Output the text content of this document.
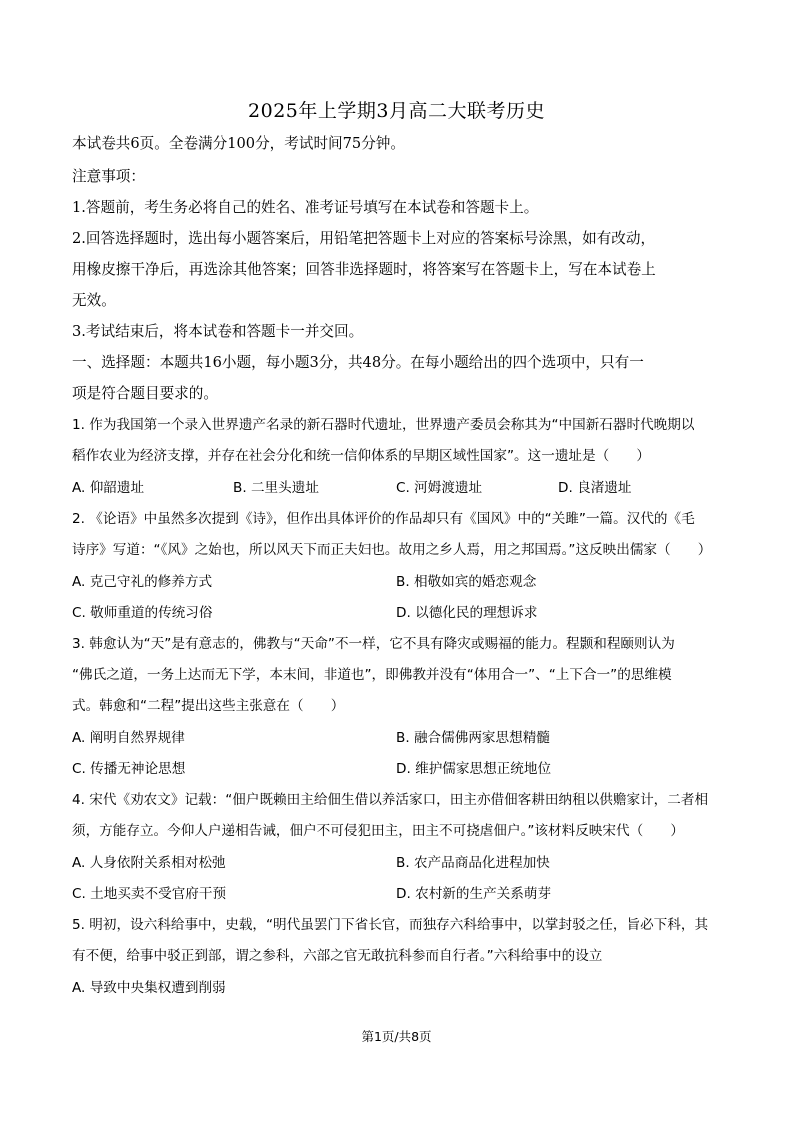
2025年上学期3月高二大联考历史
本试卷共6页。全卷满分100分，考试时间75分钟。
注意事项：
1.答题前，考生务必将自己的姓名、准考证号填写在本试卷和答题卡上。
2.回答选择题时，选出每小题答案后，用铅笔把答题卡上对应的答案标号涂黑，如有改动，
用橡皮擦干净后，再选涂其他答案；回答非选择题时，将答案写在答题卡上，写在本试卷上
无效。
3.考试结束后，将本试卷和答题卡一并交回。
一、选择题：本题共16小题，每小题3分，共48分。在每小题给出的四个选项中，只有一
项是符合题目要求的。
1. 作为我国第一个录入世界遗产名录的新石器时代遗址，世界遗产委员会称其为“中国新石器时代晚期以
稻作农业为经济支撑，并存在社会分化和统一信仰体系的早期区域性国家”。这一遗址是（　　）
A. 仰韶遗址	B. 二里头遗址	C. 河姆渡遗址	D. 良渚遗址
2. 《论语》中虽然多次提到《诗》，但作出具体评价的作品却只有《国风》中的“关雎”一篇。汉代的《毛
诗序》写道：“《风》之始也，所以风天下而正夫妇也。故用之乡人焉，用之邦国焉。”这反映出儒家（　　）
A. 克己守礼的修养方式	B. 相敬如宾的婚恋观念
C. 敬师重道的传统习俗	D. 以德化民的理想诉求
3. 韩愈认为“天”是有意志的，佛教与“天命”不一样，它不具有降灾或赐福的能力。程颢和程颐则认为
“佛氏之道，一务上达而无下学，本末间，非道也”，即佛教并没有“体用合一”、“上下合一”的思维模
式。韩愈和“二程”提出这些主张意在（　　）
A. 阐明自然界规律	B. 融合儒佛两家思想精髓
C. 传播无神论思想	D. 维护儒家思想正统地位
4. 宋代《劝农文》记载：“佃户既赖田主给佃生借以养活家口，田主亦借佃客耕田纳租以供赡家计，二者相
须，方能存立。今仰人户递相告诫，佃户不可侵犯田主，田主不可挠虐佃户。”该材料反映宋代（　　）
A. 人身依附关系相对松弛	B. 农产品商品化进程加快
C. 土地买卖不受官府干预	D. 农村新的生产关系萌芽
5. 明初，设六科给事中，史载，“明代虽罢门下省长官，而独存六科给事中，以掌封驳之任，旨必下科，其
有不便，给事中驳正到部，谓之参科，六部之官无敢抗科参而自行者。”六科给事中的设立
A. 导致中央集权遭到削弱
第1页/共8页
